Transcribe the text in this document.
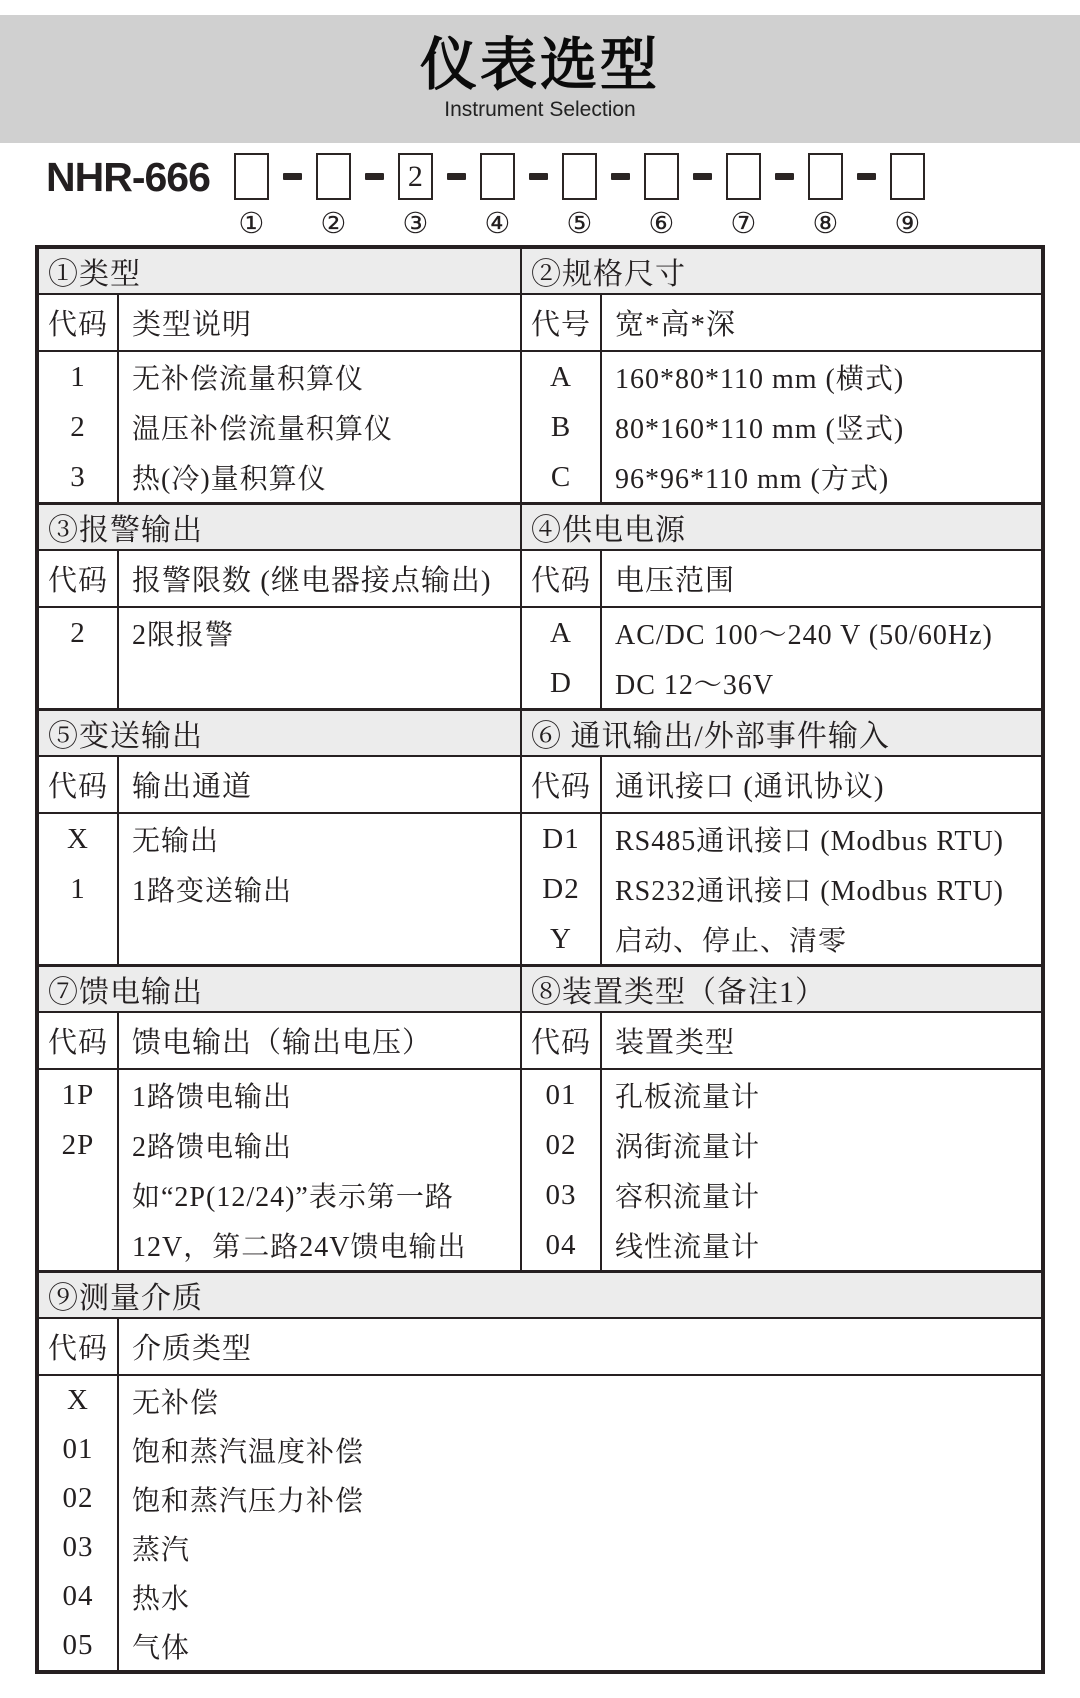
仪表选型
Instrument Selection
NHR-666
① ②
2
③ ④ ⑤ ⑥ ⑦ ⑧ ⑨
①类型
代码 类型说明
1	无补偿流量积算仪
2	温压补偿流量积算仪
3	热(冷)量积算仪
②规格尺寸
代号 宽*高*深
A	160*80*110 mm (横式)
B	80*160*110 mm (竖式)
C	96*96*110 mm (方式)
③报警输出
代码 报警限数 (继电器接点输出)
2	2限报警
④供电电源
代码 电压范围
A	AC/DC 100～240 V (50/60Hz)
D	DC 12～36V
⑤变送输出
代码 输出通道
X	无输出
1	1路变送输出
⑥ 通讯输出/外部事件输入
代码 通讯接口 (通讯协议)
D1	RS485通讯接口 (Modbus RTU)
D2	RS232通讯接口 (Modbus RTU)
Y	启动、停止、清零
⑦馈电输出
代码 馈电输出（输出电压）
1P	1路馈电输出
2P	2路馈电输出
如“2P(12/24)”表示第一路
12V，第二路24V馈电输出
⑧装置类型（备注1）
代码 装置类型
01	孔板流量计
02	涡街流量计
03	容积流量计
04	线性流量计
⑨测量介质
代码 介质类型
X	无补偿
01	饱和蒸汽温度补偿
02	饱和蒸汽压力补偿
03	蒸汽
04	热水
05	气体
